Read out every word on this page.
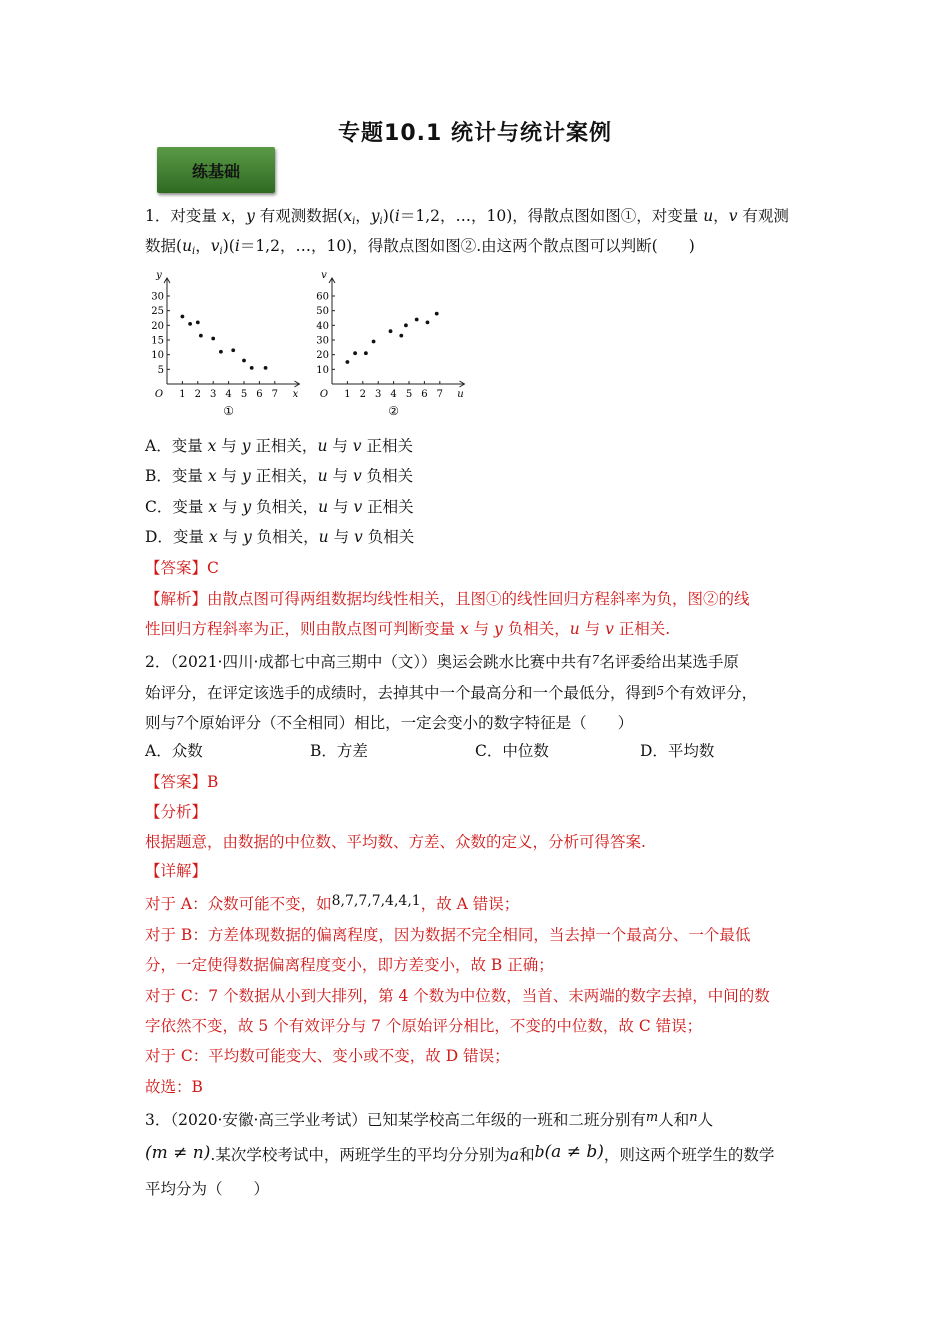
专题10.1 统计与统计案例
练基础
1．对变量 x，y 有观测数据($x_i$，$y_i)(i=1,2$，…，10)，得散点图如图①，对变量 u，v 有观测
数据($u_i$，$v_i)(i=1,2$，…，10)，得散点图如图②.由这两个散点图可以判断(　　)
y
x
O 1 2 3 4 5 6 7
5
10
15
20
25
30
①
v
u
O 1 2 3 4 5 6 7
10
20
30
40
50
60
②
A．变量 x 与 y 正相关，u 与 v 正相关
B．变量 x 与 y 正相关，u 与 v 负相关
C．变量 x 与 y 负相关，u 与 v 正相关
D．变量 x 与 y 负相关，u 与 v 负相关
【答案】C
【解析】由散点图可得两组数据均线性相关，且图①的线性回归方程斜率为负，图②的线
性回归方程斜率为正，则由散点图可判断变量 x 与 y 负相关，u 与 v 正相关.
2．（2021·四川·成都七中高三期中（文））奥运会跳水比赛中共有7名评委给出某选手原
始评分，在评定该选手的成绩时，去掉其中一个最高分和一个最低分，得到5个有效评分，
则与7个原始评分（不全相同）相比，一定会变小的数字特征是（　　）
A．众数	B．方差	C．中位数	D．平均数
【答案】B
【分析】
根据题意，由数据的中位数、平均数、方差、众数的定义，分析可得答案.
【详解】
对于 A：众数可能不变，如8,7,7,7,4,4,1，故 A 错误；
对于 B：方差体现数据的偏离程度，因为数据不完全相同，当去掉一个最高分、一个最低
分，一定使得数据偏离程度变小，即方差变小，故 B 正确；
对于 C：7 个数据从小到大排列，第 4 个数为中位数，当首、末两端的数字去掉，中间的数
字依然不变，故 5 个有效评分与 7 个原始评分相比，不变的中位数，故 C 错误；
对于 C：平均数可能变大、变小或不变，故 D 错误；
故选：B
3．（2020·安徽·高三学业考试）已知某学校高二年级的一班和二班分别有$^m$人和$^n$人
(m ≠ n).某次学校考试中，两班学生的平均分分别为a和b(a ≠ b)，则这两个班学生的数学
平均分为（　　）
